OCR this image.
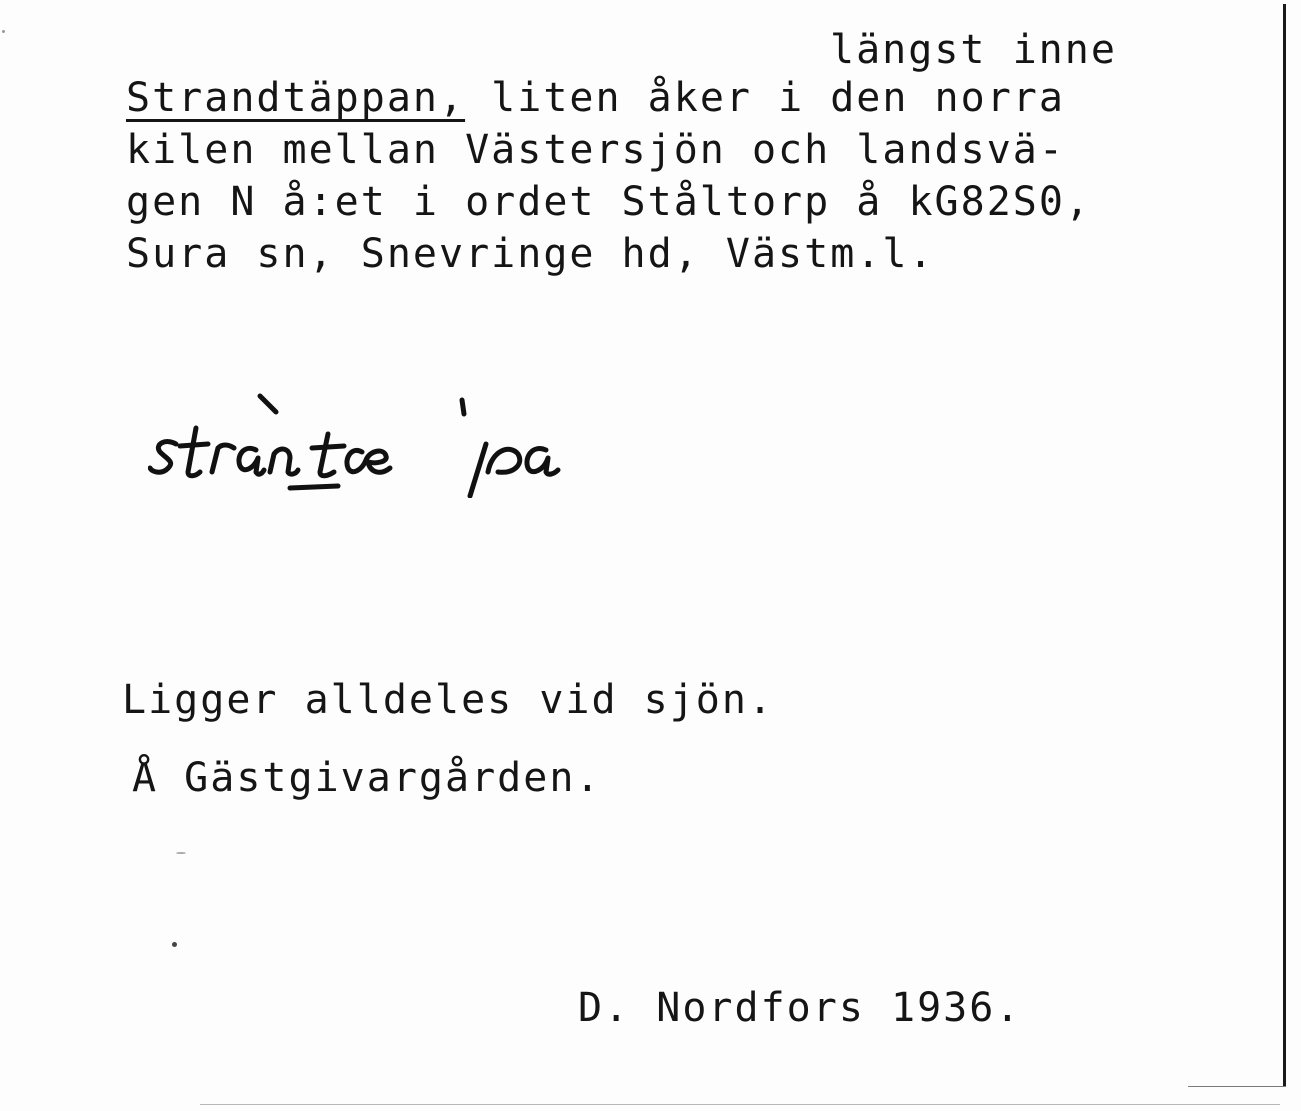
längst inne
Strandtäppan, liten åker i den norra
kilen mellan Västersjön och landsvä-
gen N å:et i ordet Ståltorp å kG82S0,
Sura sn, Snevringe hd, Västm.l.
Ligger alldeles vid sjön.
Å Gästgivargården.
D. Nordfors 1936.
